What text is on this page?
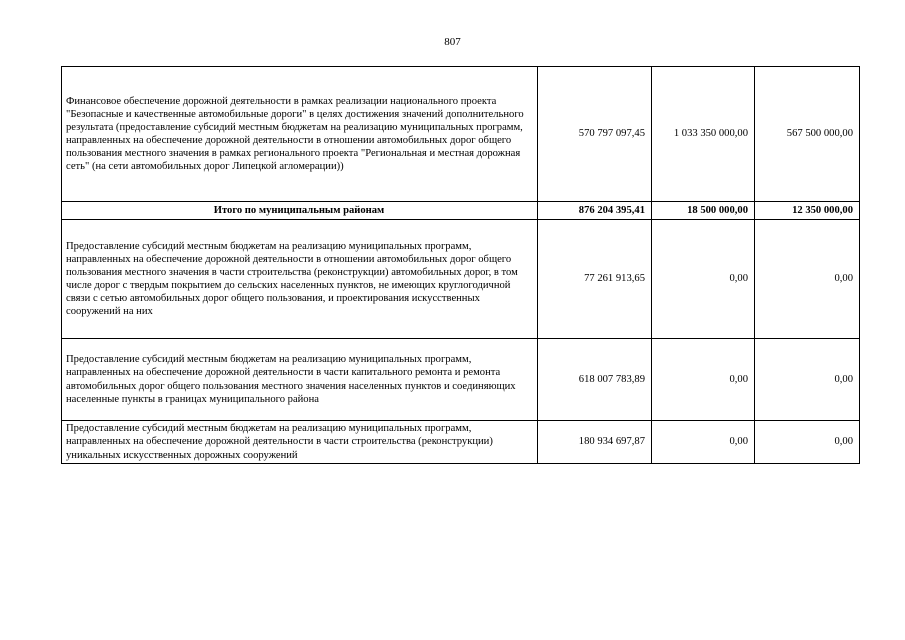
807
Финансовое обеспечение дорожной деятельности в рамках реализации национального проекта "Безопасные и качественные автомобильные дороги" в целях достижения значений дополнительного результата (предоставление субсидий местным бюджетам на реализацию муниципальных программ, направленных на обеспечение дорожной деятельности в отношении автомобильных дорог общего пользования местного значения в рамках регионального проекта "Региональная и местная дорожная сеть" (на сети автомобильных дорог Липецкой агломерации))	570 797 097,45	1 033 350 000,00	567 500 000,00
Итого по муниципальным районам	876 204 395,41	18 500 000,00	12 350 000,00
Предоставление субсидий местным бюджетам на реализацию муниципальных программ, направленных на обеспечение дорожной деятельности в отношении автомобильных дорог общего пользования местного значения в части строительства (реконструкции) автомобильных дорог, в том числе дорог с твердым покрытием до сельских населенных пунктов, не имеющих круглогодичной связи с сетью автомобильных дорог общего пользования, и проектирования искусственных сооружений на них	77 261 913,65	0,00	0,00
Предоставление субсидий местным бюджетам на реализацию муниципальных программ, направленных на обеспечение дорожной деятельности в части капитального ремонта и ремонта автомобильных дорог общего пользования местного значения населенных пунктов и соединяющих населенные пункты в границах муниципального района	618 007 783,89	0,00	0,00
Предоставление субсидий местным бюджетам на реализацию муниципальных программ, направленных на обеспечение дорожной деятельности в части строительства (реконструкции) уникальных искусственных дорожных сооружений	180 934 697,87	0,00	0,00
